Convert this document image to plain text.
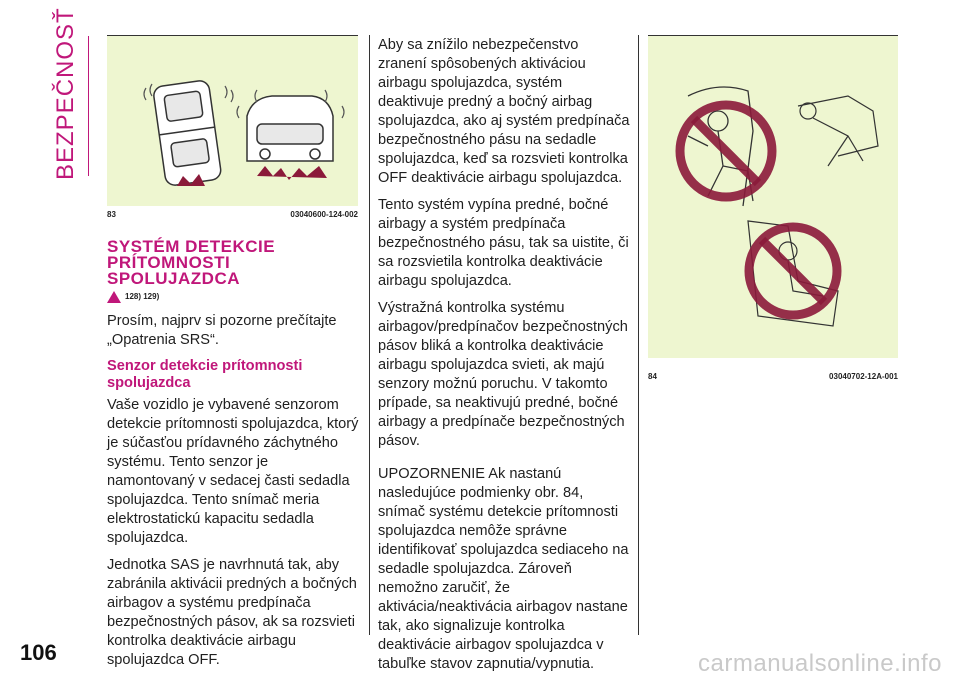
BEZPEČNOSŤ
83	03040600-124-002
SYSTÉM DETEKCIE PRÍTOMNOSTI SPOLUJAZDCA
128) 129)

Prosím, najprv si pozorne prečítajte „Opatrenia SRS“.

Senzor detekcie prítomnosti spolujazdca

Vaše vozidlo je vybavené senzorom detekcie prítomnosti spolujazdca, ktorý je súčasťou prídavného záchytného systému. Tento senzor je namontovaný v sedacej časti sedadla spolujazdca. Tento snímač meria elektrostatickú kapacitu sedadla spolujazdca.

Jednotka SAS je navrhnutá tak, aby zabránila aktivácii predných a bočných airbagov a systému predpínača bezpečnostných pásov, ak sa rozsvieti kontrolka deaktivácie airbagu spolujazdca OFF.

Aby sa znížilo nebezpečenstvo zranení spôsobených aktiváciou airbagu spolujazdca, systém deaktivuje predný a bočný airbag spolujazdca, ako aj systém predpínača bezpečnostného pásu na sedadle spolujazdca, keď sa rozsvieti kontrolka OFF deaktivácie airbagu spolujazdca.

Tento systém vypína predné, bočné airbagy a systém predpínača bezpečnostného pásu, tak sa uistite, či sa rozsvietila kontrolka deaktivácie airbagu spolujazdca.

Výstražná kontrolka systému airbagov/predpínačov bezpečnostných pásov bliká a kontrolka deaktivácie airbagu spolujazdca svieti, ak majú senzory možnú poruchu. V takomto prípade, sa neaktivujú predné, bočné airbagy a predpínače bezpečnostných pásov.

UPOZORNENIE Ak nastanú nasledujúce podmienky obr. 84, snímač systému detekcie prítomnosti spolujazdca nemôže správne identifikovať spolujazdca sediaceho na sedadle spolujazdca. Zároveň nemožno zaručiť, že aktivácia/neaktivácia airbagov nastane tak, ako signalizuje kontrolka deaktivácie airbagov spolujazdca v tabuľke stavov zapnutia/vypnutia.

84	03040702-12A-001
106	carmanualsonline.info
